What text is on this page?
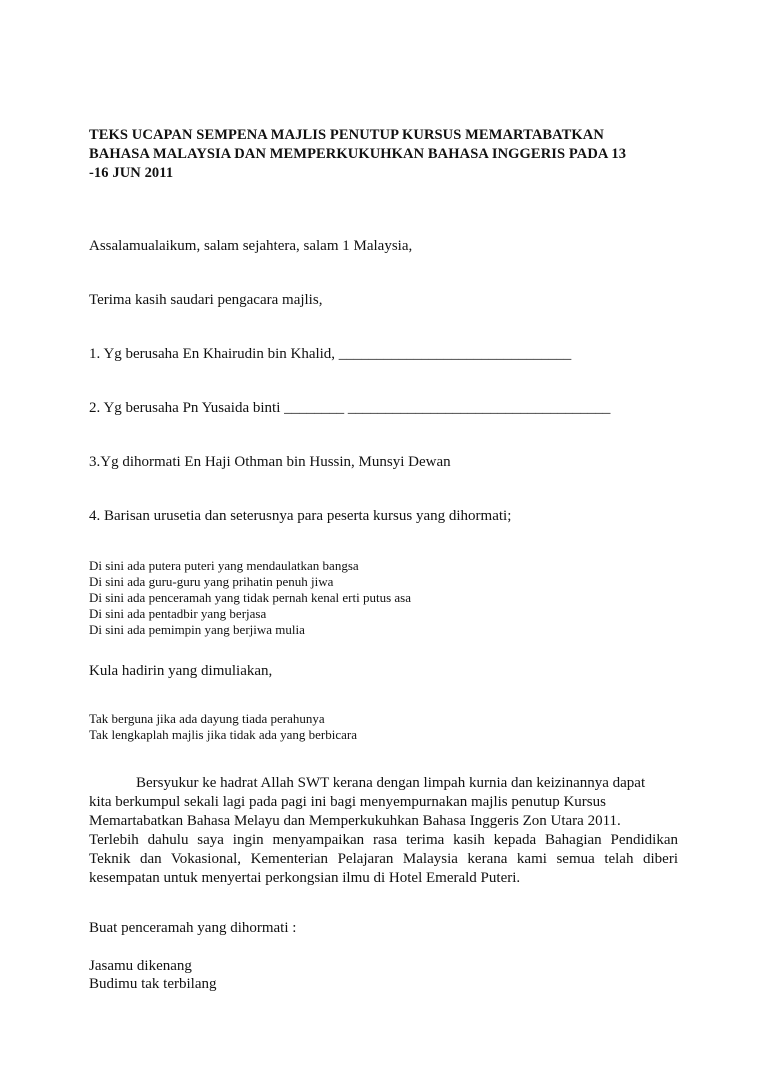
TEKS UCAPAN SEMPENA MAJLIS PENUTUP KURSUS MEMARTABATKAN
BAHASA MALAYSIA DAN MEMPERKUKUHKAN BAHASA INGGERIS PADA 13
-16 JUN 2011
Assalamualaikum, salam sejahtera, salam 1 Malaysia,
Terima kasih saudari pengacara majlis,
1. Yg berusaha En Khairudin bin Khalid, _______________________________
2. Yg berusaha Pn Yusaida binti ________ ___________________________________
3.Yg dihormati En Haji Othman bin Hussin, Munsyi Dewan
4. Barisan urusetia dan seterusnya para peserta kursus yang dihormati;
Di sini ada putera puteri yang mendaulatkan bangsa
Di sini ada guru-guru yang prihatin penuh jiwa
Di sini ada penceramah yang tidak pernah kenal erti putus asa
Di sini ada pentadbir yang berjasa
Di sini ada pemimpin yang berjiwa mulia
Kula hadirin yang dimuliakan,
Tak berguna jika ada dayung tiada perahunya
Tak lengkaplah majlis jika tidak ada yang berbicara
Bersyukur ke hadrat Allah SWT kerana dengan limpah kurnia dan keizinannya dapat
kita berkumpul sekali lagi pada pagi ini bagi menyempurnakan majlis penutup Kursus
Memartabatkan Bahasa Melayu dan Memperkukuhkan Bahasa Inggeris Zon Utara 2011.
Terlebih dahulu saya ingin menyampaikan rasa terima kasih kepada Bahagian Pendidikan
Teknik dan Vokasional, Kementerian Pelajaran Malaysia kerana kami semua telah diberi
kesempatan untuk menyertai perkongsian ilmu di Hotel Emerald Puteri.
Buat penceramah yang dihormati :
Jasamu dikenang
Budimu tak terbilang
